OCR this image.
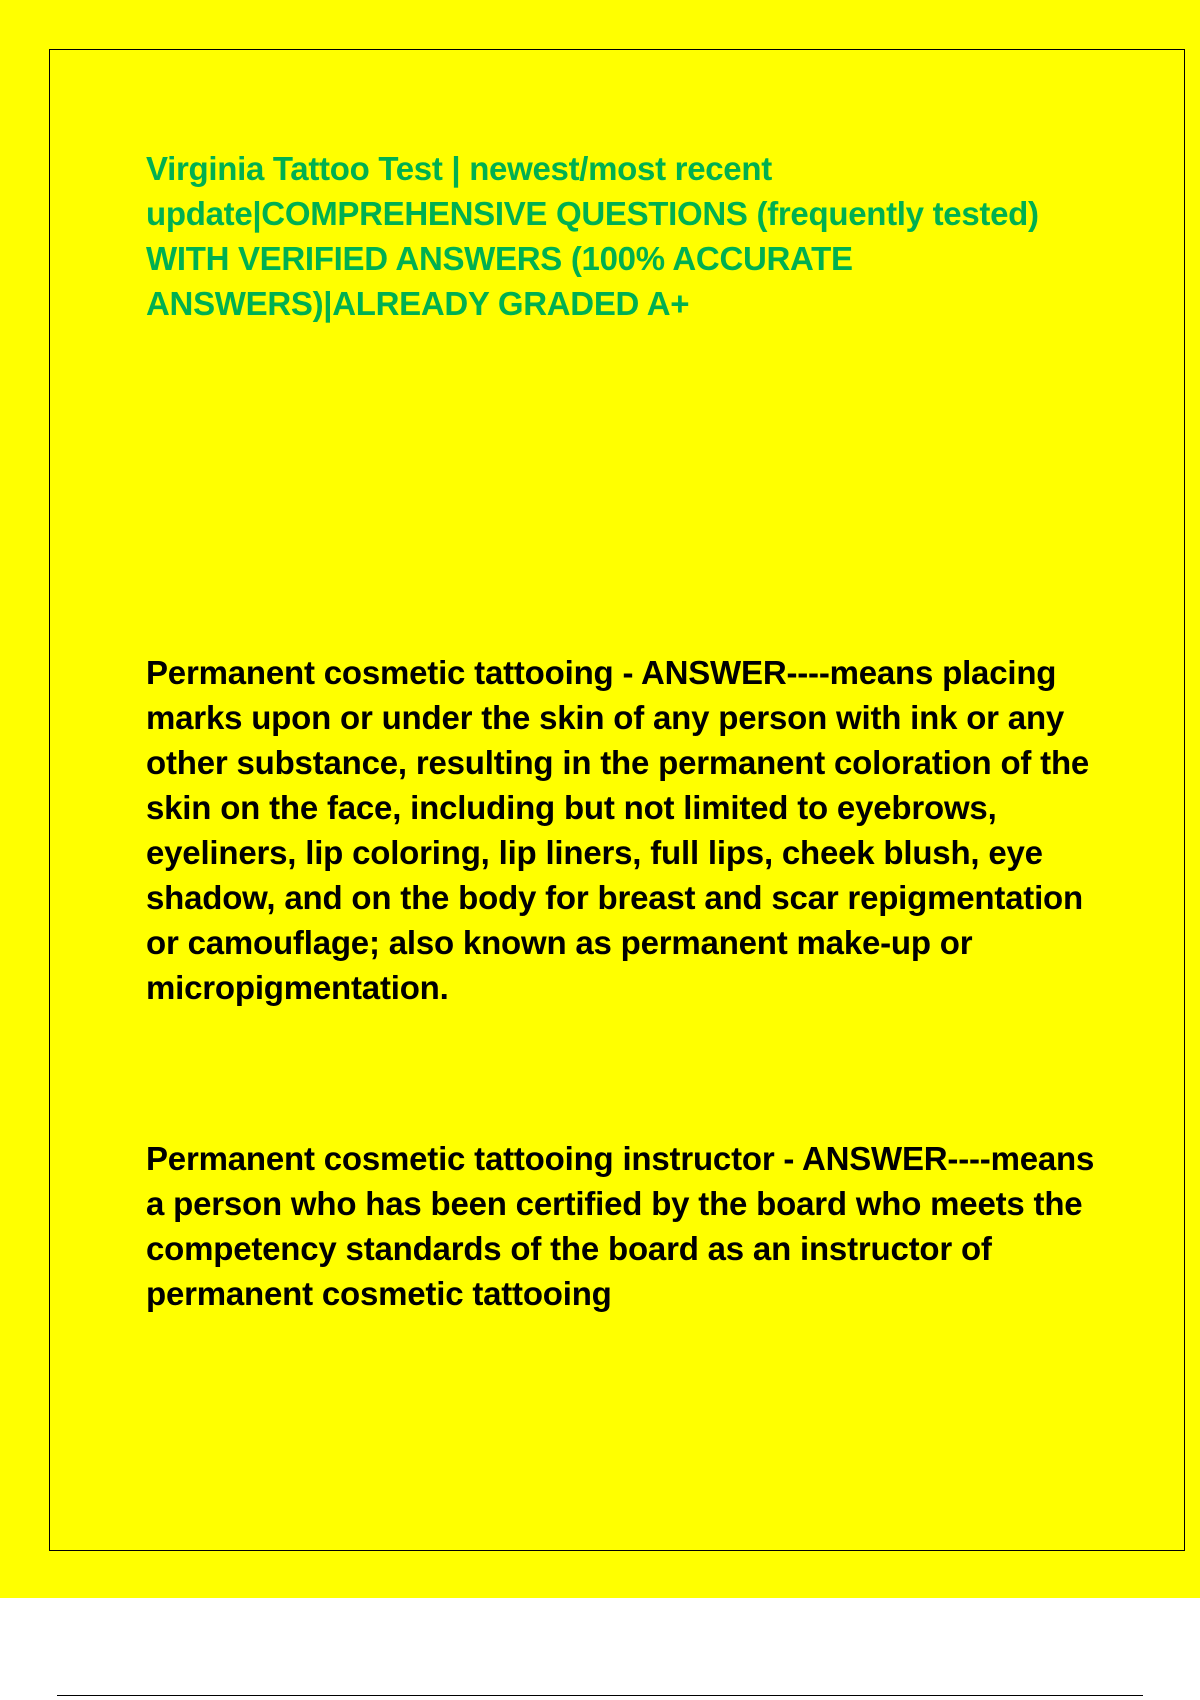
Virginia Tattoo Test | newest/most recent update|COMPREHENSIVE QUESTIONS (frequently tested) WITH VERIFIED ANSWERS (100% ACCURATE ANSWERS)|ALREADY GRADED A+

Permanent cosmetic tattooing - ANSWER----means placing marks upon or under the skin of any person with ink or any other substance, resulting in the permanent coloration of the skin on the face, including but not limited to eyebrows, eyeliners, lip coloring, lip liners, full lips, cheek blush, eye shadow, and on the body for breast and scar repigmentation or camouflage; also known as permanent make-up or micropigmentation.

Permanent cosmetic tattooing instructor - ANSWER----means a person who has been certified by the board who meets the competency standards of the board as an instructor of permanent cosmetic tattooing
